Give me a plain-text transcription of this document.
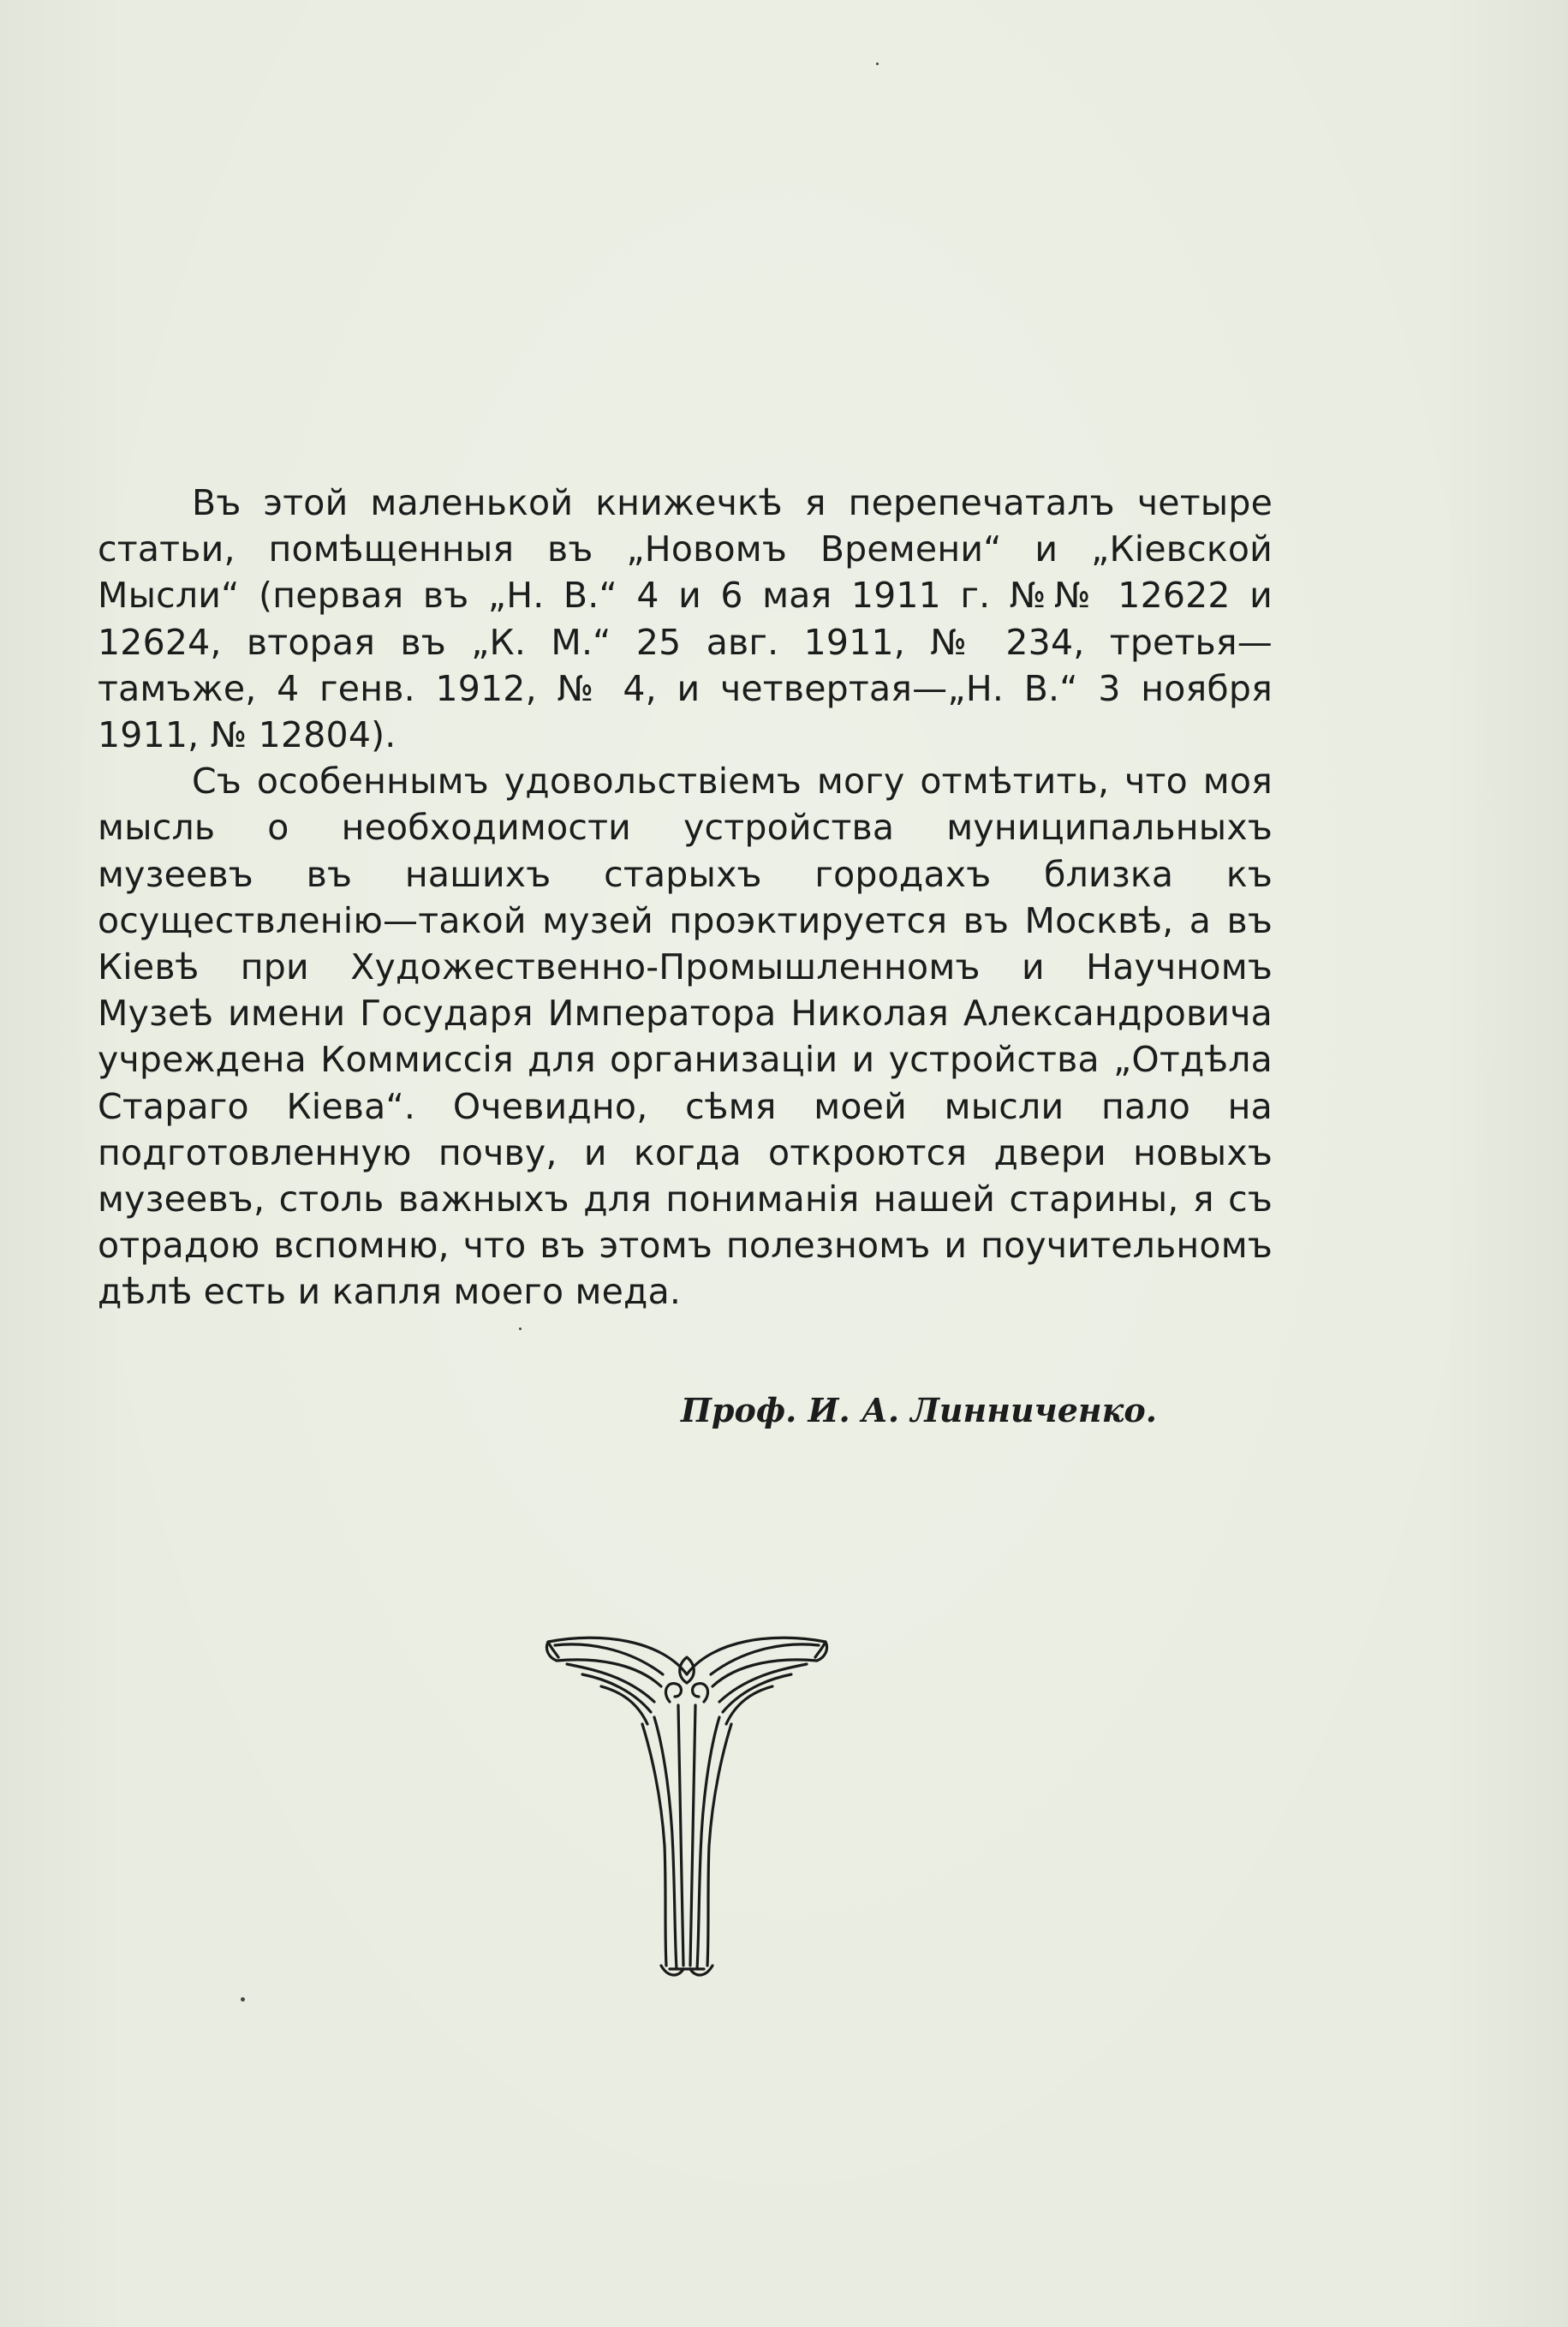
Въ этой маленькой книжечкѣ я перепечаталъ четыре статьи, помѣщенныя въ „Новомъ Времени“ и „Кіевской Мысли“ (первая въ „Н. В.“ 4 и 6 мая 1911 г. №№ 12622 и 12624, вторая въ „К. М.“ 25 авг. 1911, № 234, третья—тамъже, 4 генв. 1912, № 4, и четвертая—„Н. В.“ 3 ноября 1911, № 12804).

Съ особеннымъ удовольствіемъ могу отмѣтить, что моя мысль о необходимости устройства муниципальныхъ музеевъ въ нашихъ старыхъ городахъ близка къ осуществленію—такой музей проэктируется въ Москвѣ, а въ Кіевѣ при Художественно-Промышленномъ и Научномъ Музеѣ имени Государя Императора Николая Александровича учреждена Коммиссія для организаціи и устройства „Отдѣла Стараго Кіева“. Очевидно, сѣмя моей мысли пало на подготовленную почву, и когда откроются двери новыхъ музеевъ, столь важныхъ для пониманія нашей старины, я съ отрадою вспомню, что въ этомъ полезномъ и поучительномъ дѣлѣ есть и капля моего меда.

Проф. И. А. Линниченко.
